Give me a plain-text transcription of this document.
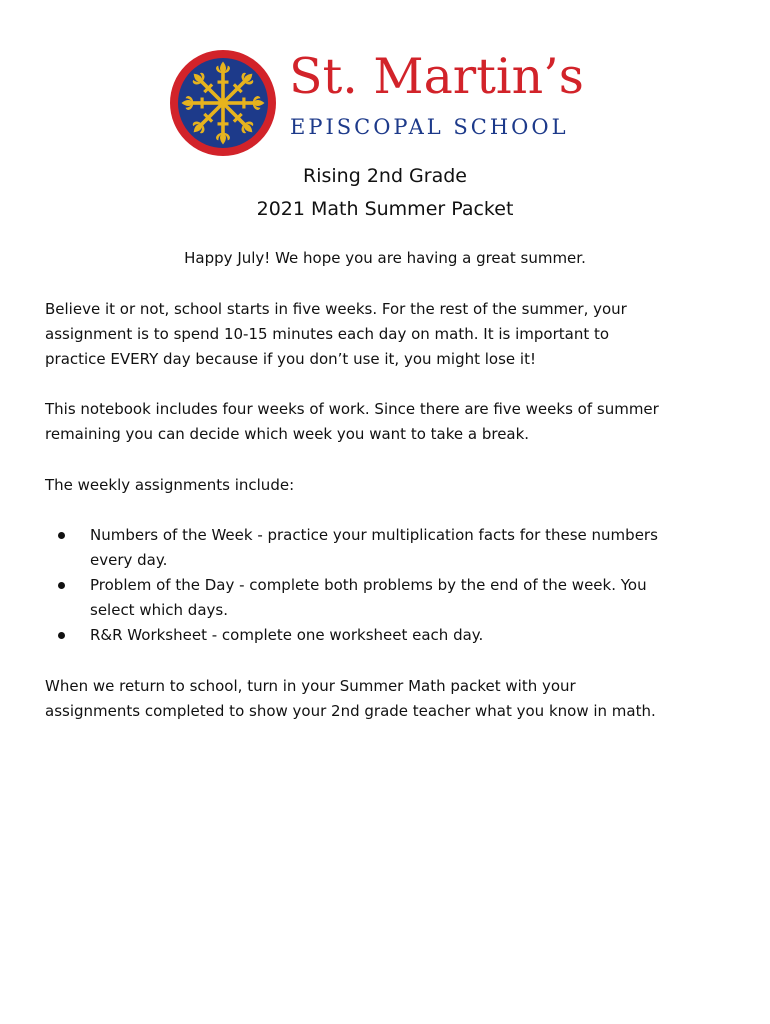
St. Martin’s
EPISCOPAL SCHOOL
Rising 2nd Grade
2021 Math Summer Packet

Happy July! We hope you are having a great summer.

Believe it or not, school starts in five weeks. For the rest of the summer, your
assignment is to spend 10-15 minutes each day on math. It is important to
practice EVERY day because if you don’t use it, you might lose it!

This notebook includes four weeks of work. Since there are five weeks of summer
remaining you can decide which week you want to take a break.

The weekly assignments include:

Numbers of the Week - practice your multiplication facts for these numbers
every day.
Problem of the Day - complete both problems by the end of the week. You
select which days.
R&R Worksheet - complete one worksheet each day.

When we return to school, turn in your Summer Math packet with your
assignments completed to show your 2nd grade teacher what you know in math.
